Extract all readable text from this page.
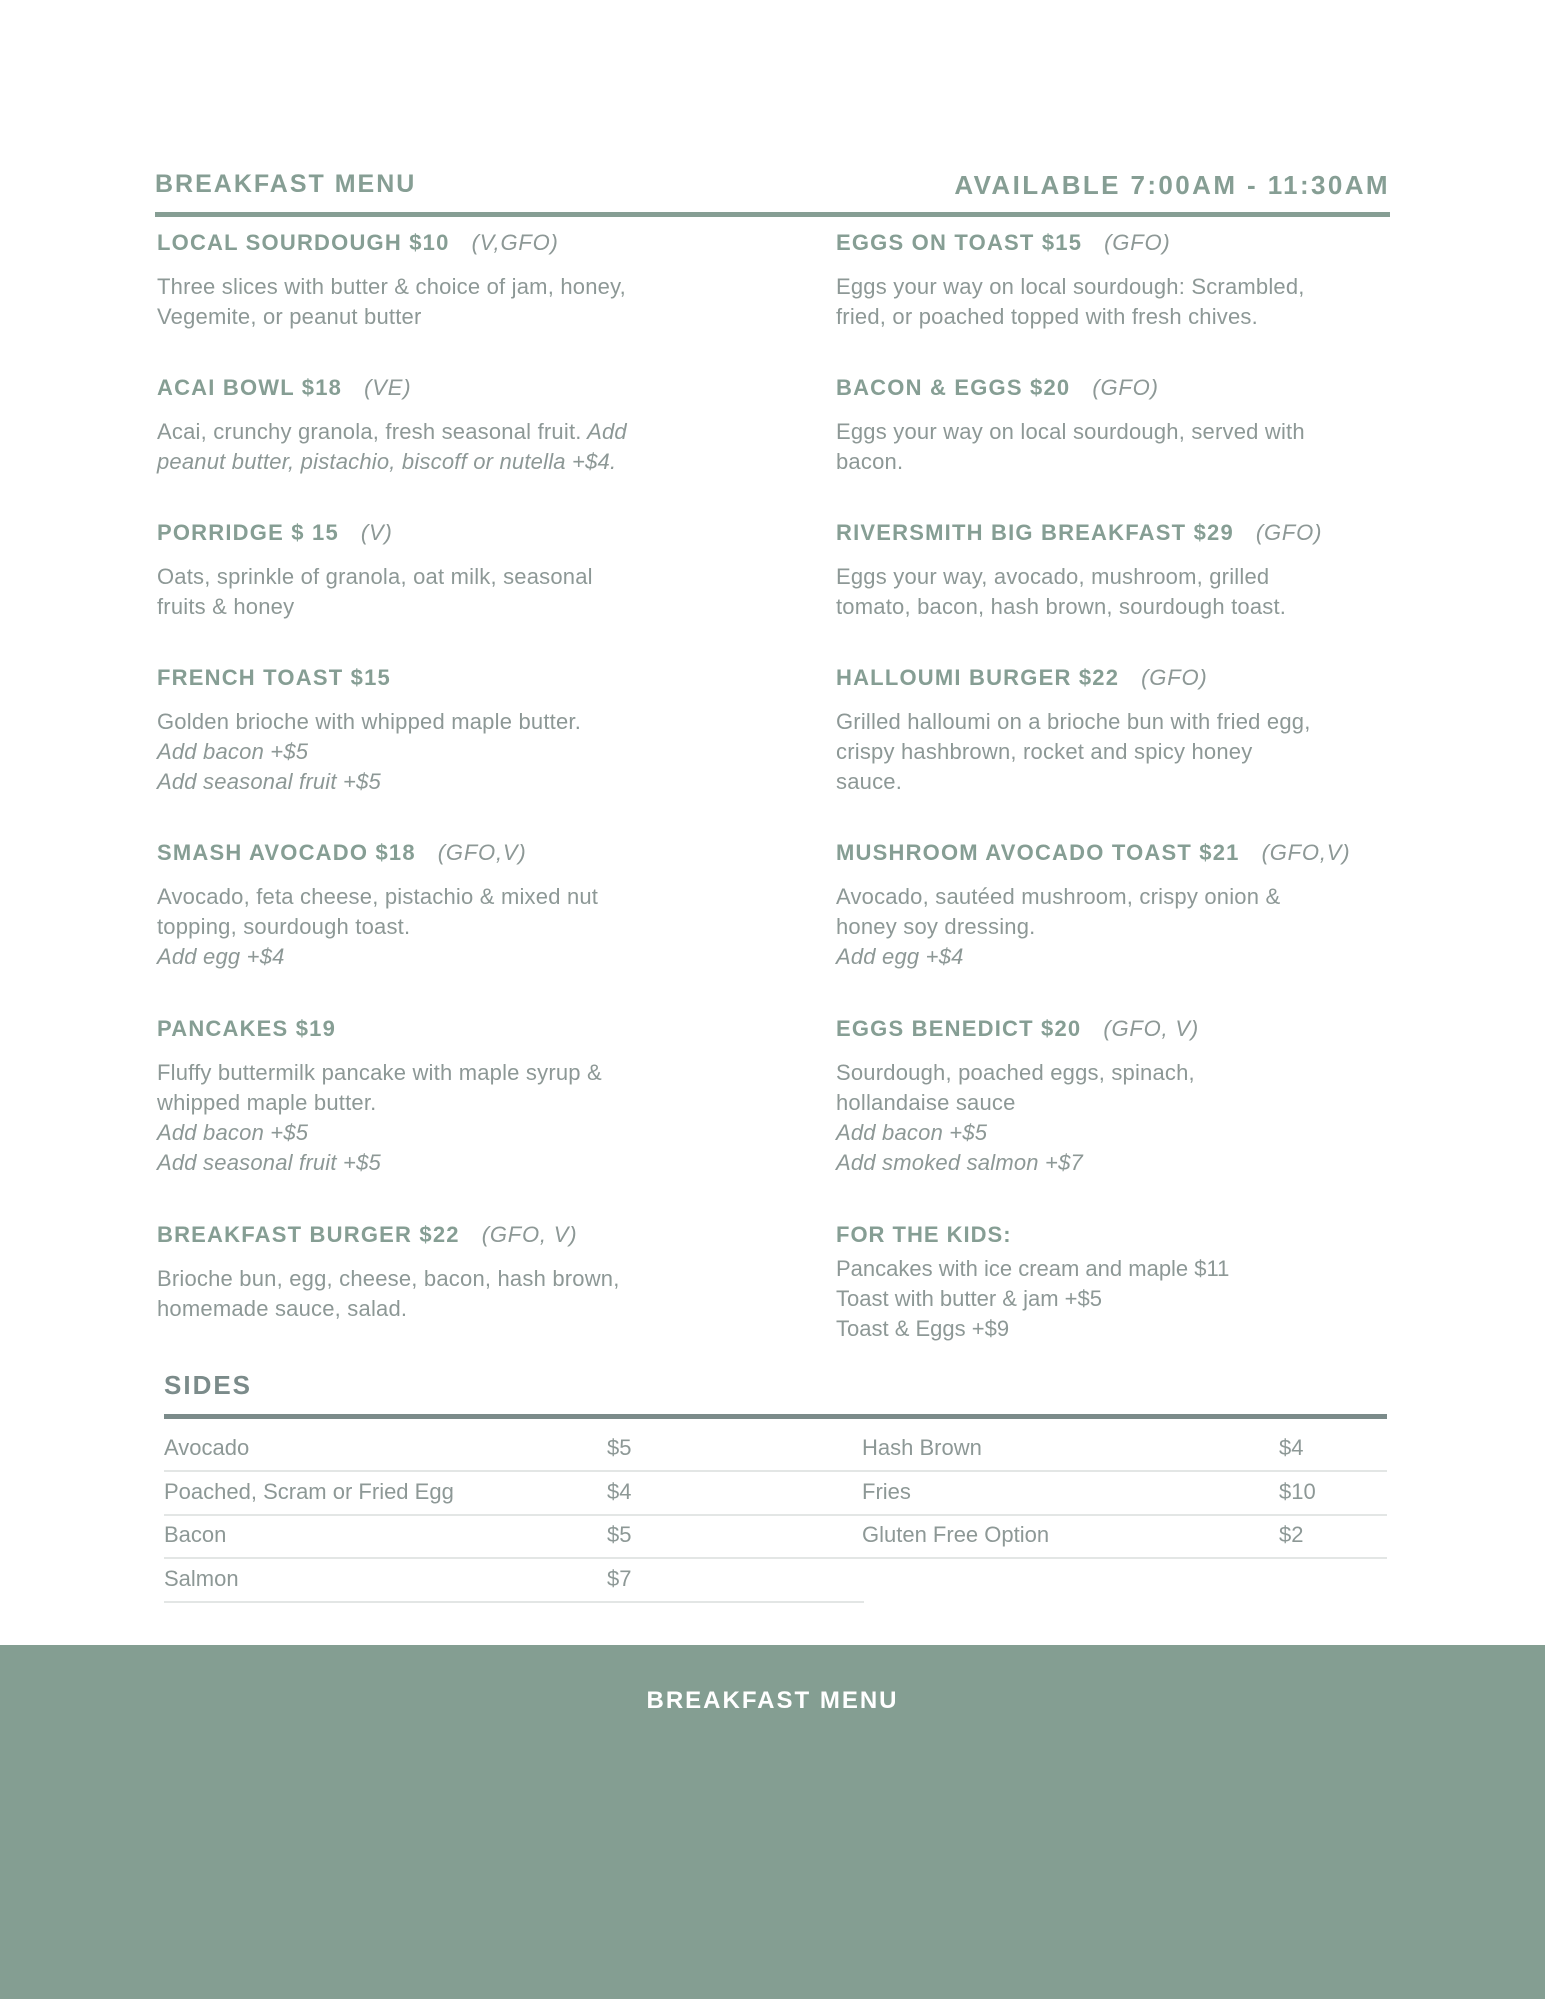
BREAKFAST MENU	AVAILABLE 7:00AM - 11:30AM
LOCAL SOURDOUGH $10 (V,GFO)
Three slices with butter & choice of jam, honey,
Vegemite, or peanut butter
ACAI BOWL $18 (VE)
Acai, crunchy granola, fresh seasonal fruit. Add
peanut butter, pistachio, biscoff or nutella +$4.
PORRIDGE $ 15 (V)
Oats, sprinkle of granola, oat milk, seasonal
fruits & honey
FRENCH TOAST $15
Golden brioche with whipped maple butter.
Add bacon +$5
Add seasonal fruit +$5
SMASH AVOCADO $18 (GFO,V)
Avocado, feta cheese, pistachio & mixed nut
topping, sourdough toast.
Add egg +$4
PANCAKES $19
Fluffy buttermilk pancake with maple syrup &
whipped maple butter.
Add bacon +$5
Add seasonal fruit +$5
BREAKFAST BURGER $22 (GFO, V)
Brioche bun, egg, cheese, bacon, hash brown,
homemade sauce, salad.
EGGS ON TOAST $15 (GFO)
Eggs your way on local sourdough: Scrambled,
fried, or poached topped with fresh chives.
BACON & EGGS $20 (GFO)
Eggs your way on local sourdough, served with
bacon.
RIVERSMITH BIG BREAKFAST $29 (GFO)
Eggs your way, avocado, mushroom, grilled
tomato, bacon, hash brown, sourdough toast.
HALLOUMI BURGER $22 (GFO)
Grilled halloumi on a brioche bun with fried egg,
crispy hashbrown, rocket and spicy honey
sauce.
MUSHROOM AVOCADO TOAST $21 (GFO,V)
Avocado, sautéed mushroom, crispy onion &
honey soy dressing.
Add egg +$4
EGGS BENEDICT $20 (GFO, V)
Sourdough, poached eggs, spinach,
hollandaise sauce
Add bacon +$5
Add smoked salmon +$7
FOR THE KIDS:
Pancakes with ice cream and maple $11
Toast with butter & jam +$5
Toast & Eggs +$9
SIDES
Avocado	$5
Poached, Scram or Fried Egg	$4
Bacon	$5
Salmon	$7
Hash Brown	$4
Fries	$10
Gluten Free Option	$2
BREAKFAST MENU
